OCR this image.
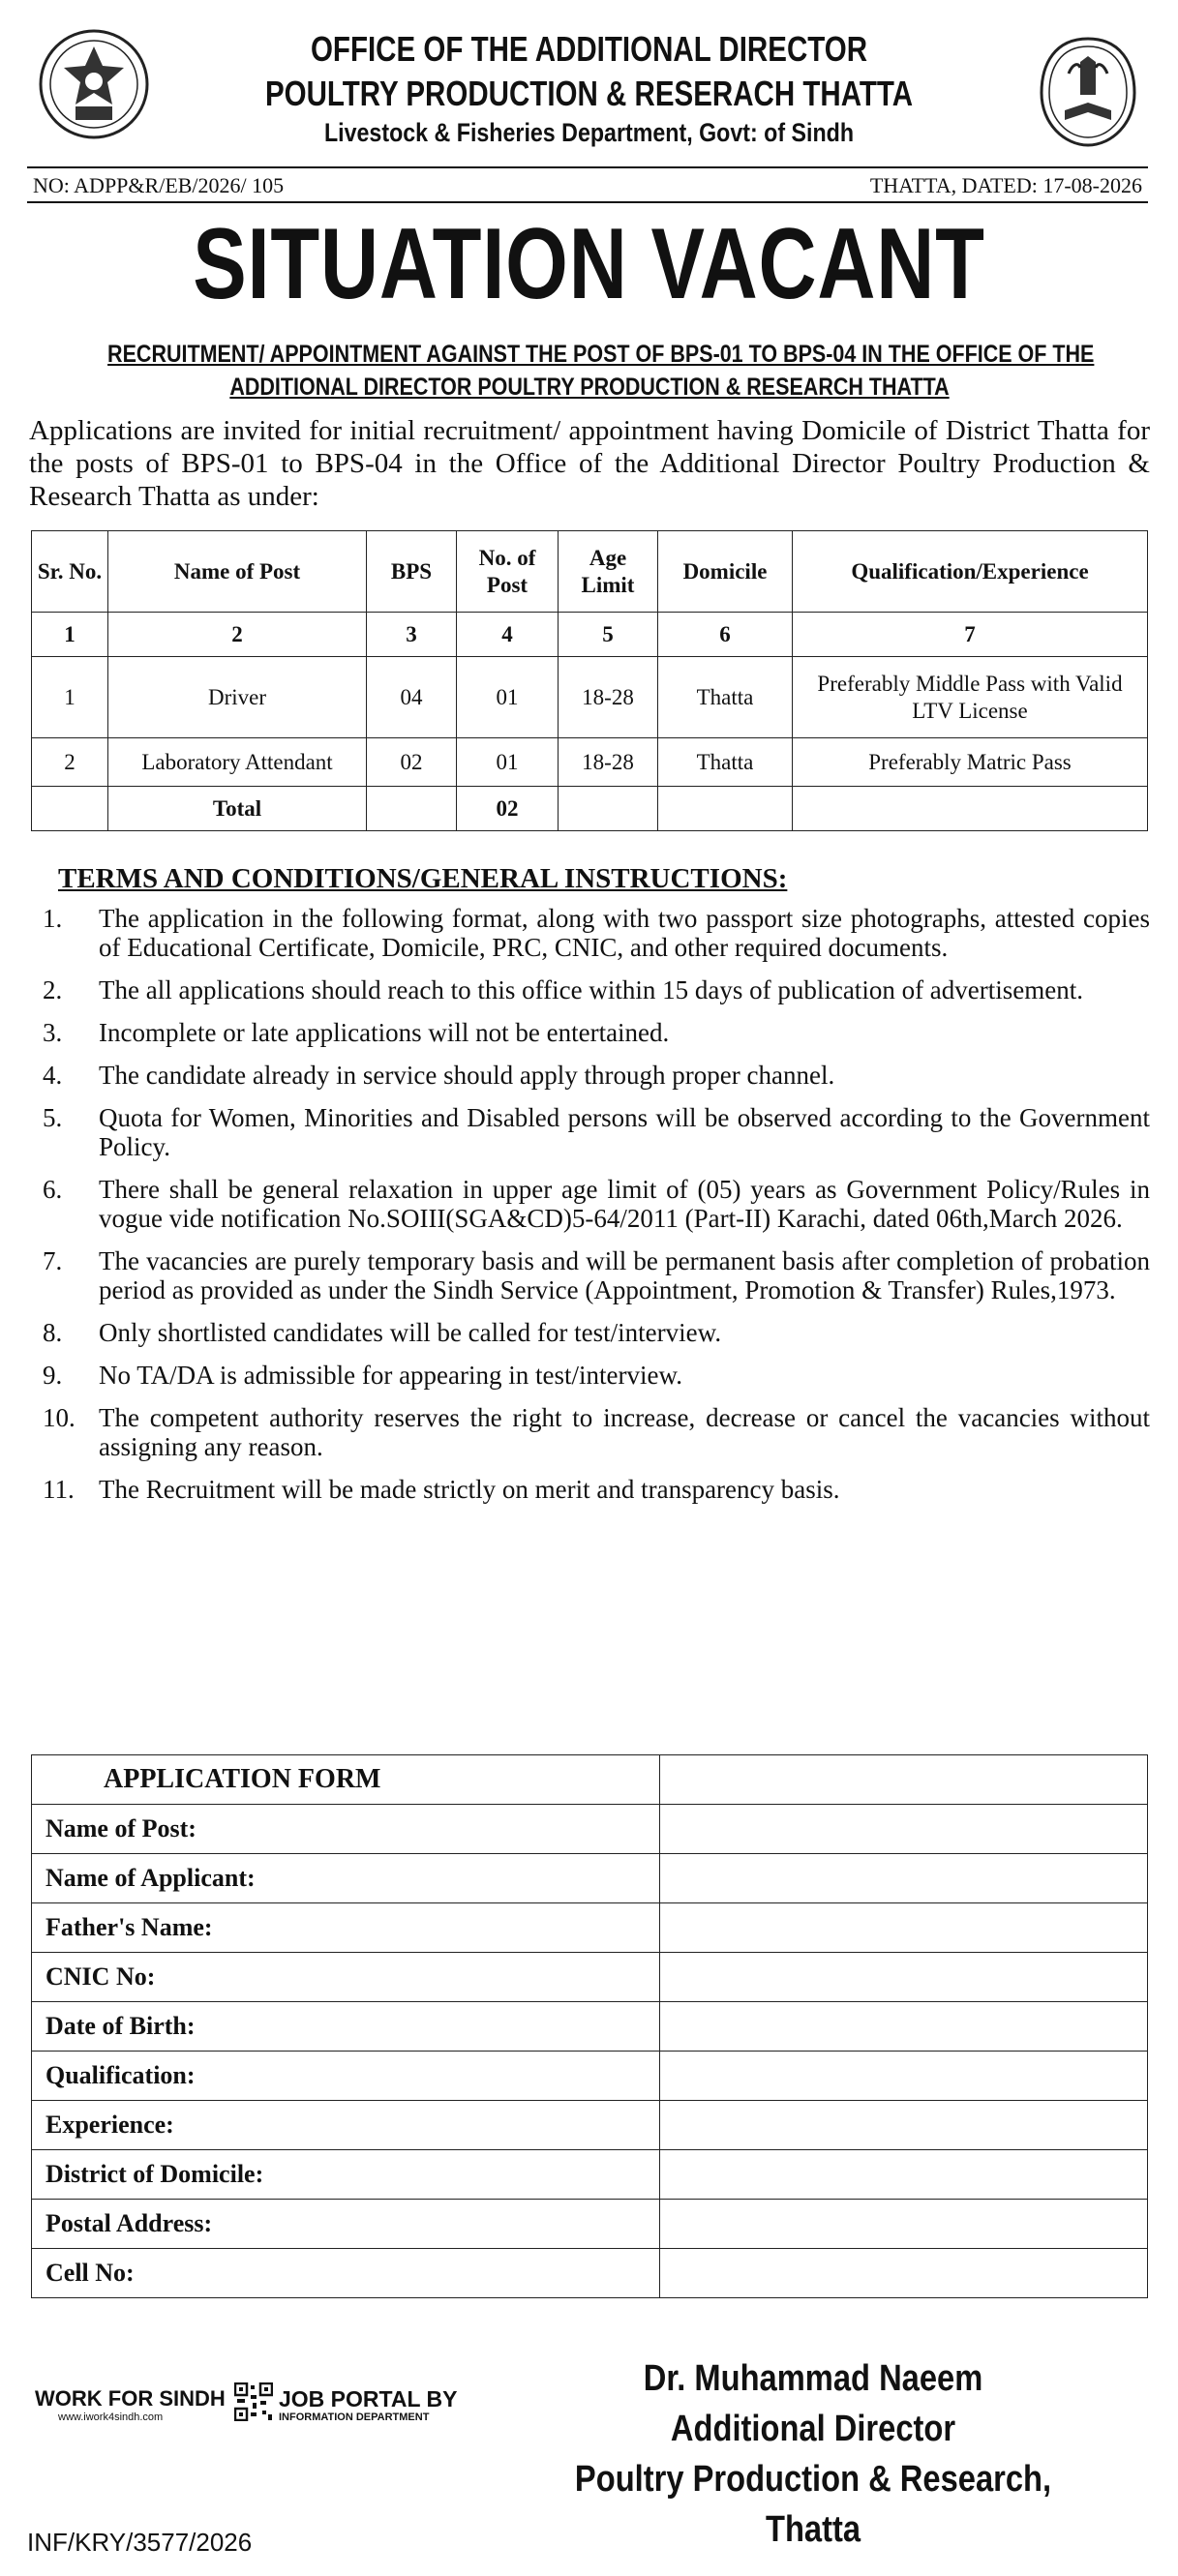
OFFICE OF THE ADDITIONAL DIRECTOR
POULTRY PRODUCTION & RESERACH THATTA
Livestock & Fisheries Department, Govt: of Sindh
NO: ADPP&R/EB/2026/ 105	THATTA, DATED: 17-08-2026
SITUATION VACANT
RECRUITMENT/ APPOINTMENT AGAINST THE POST OF BPS-01 TO BPS-04 IN THE OFFICE OF THE
ADDITIONAL DIRECTOR POULTRY PRODUCTION & RESEARCH THATTA
Applications are invited for initial recruitment/ appointment having Domicile of District Thatta for the posts of BPS-01 to BPS-04 in the Office of the Additional Director Poultry Production & Research Thatta as under:
Sr. No.	Name of Post	BPS	No. of Post	Age Limit	Domicile	Qualification/Experience
1	2	3	4	5	6	7
1	Driver	04	01	18-28	Thatta	Preferably Middle Pass with Valid LTV License
2	Laboratory Attendant	02	01	18-28	Thatta	Preferably Matric Pass
	Total		02			
TERMS AND CONDITIONS/GENERAL INSTRUCTIONS:
1. The application in the following format, along with two passport size photographs, attested copies of Educational Certificate, Domicile, PRC, CNIC, and other required documents.
2. The all applications should reach to this office within 15 days of publication of advertisement.
3. Incomplete or late applications will not be entertained.
4. The candidate already in service should apply through proper channel.
5. Quota for Women, Minorities and Disabled persons will be observed according to the Government Policy.
6. There shall be general relaxation in upper age limit of (05) years as Government Policy/Rules in vogue vide notification No.SOIII(SGA&CD)5-64/2011 (Part-II) Karachi, dated 06th,March 2026.
7. The vacancies are purely temporary basis and will be permanent basis after completion of probation period as provided as under the Sindh Service (Appointment, Promotion & Transfer) Rules,1973.
8. Only shortlisted candidates will be called for test/interview.
9. No TA/DA is admissible for appearing in test/interview.
10. The competent authority reserves the right to increase, decrease or cancel the vacancies without assigning any reason.
11. The Recruitment will be made strictly on merit and transparency basis.
APPLICATION FORM	
Name of Post:	
Name of Applicant:	
Father's Name:	
CNIC No:	
Date of Birth:	
Qualification:	
Experience:	
District of Domicile:	
Postal Address:	
Cell No:	
WORK FOR SINDH
www.iwork4sindh.com
JOB PORTAL BY
INFORMATION DEPARTMENT
Dr. Muhammad Naeem
Additional Director
Poultry Production & Research,
Thatta
INF/KRY/3577/2026
